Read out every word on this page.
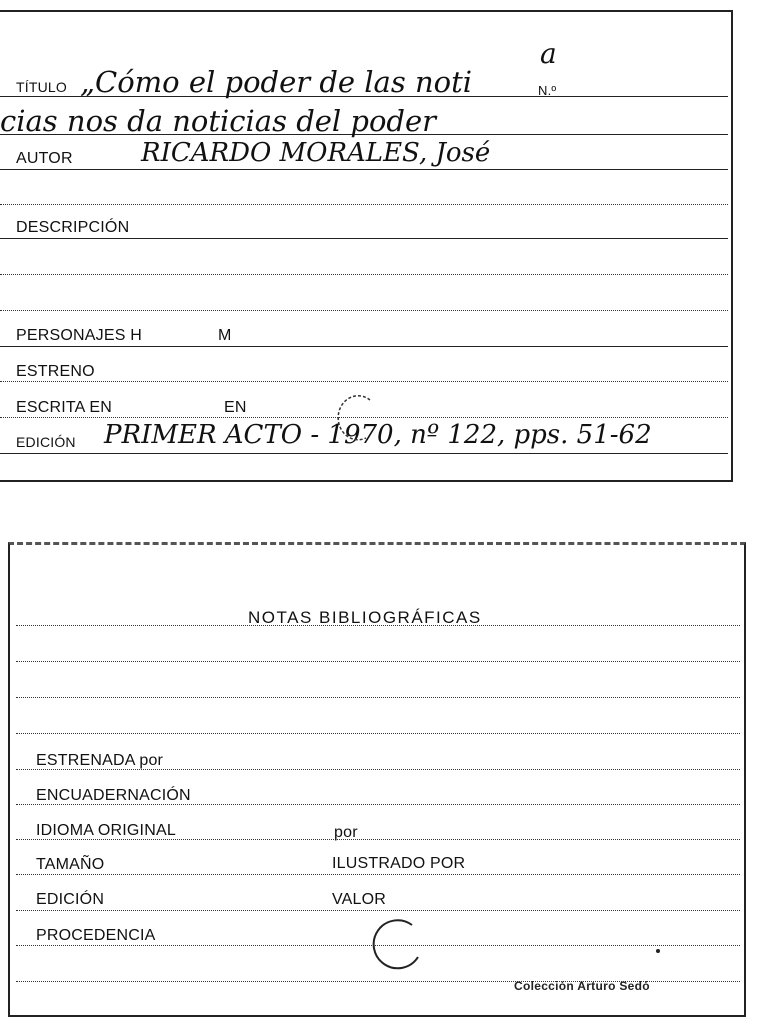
TÍTULO „Cómo el poder de las noti
a
N.º
cias nos da noticias del poder
AUTOR	RICARDO MORALES, José
DESCRIPCIÓN
PERSONAJES H	M
ESTRENO
ESCRITA EN	EN
EDICIÓN PRIMER ACTO - 1970, nº 122, pps. 51-62
NOTAS BIBLIOGRÁFICAS
ESTRENADA por
ENCUADERNACIÓN
IDIOMA ORIGINAL	por
TAMAÑO	ILUSTRADO POR
EDICIÓN	VALOR
PROCEDENCIA
Colección Arturo Sedó
